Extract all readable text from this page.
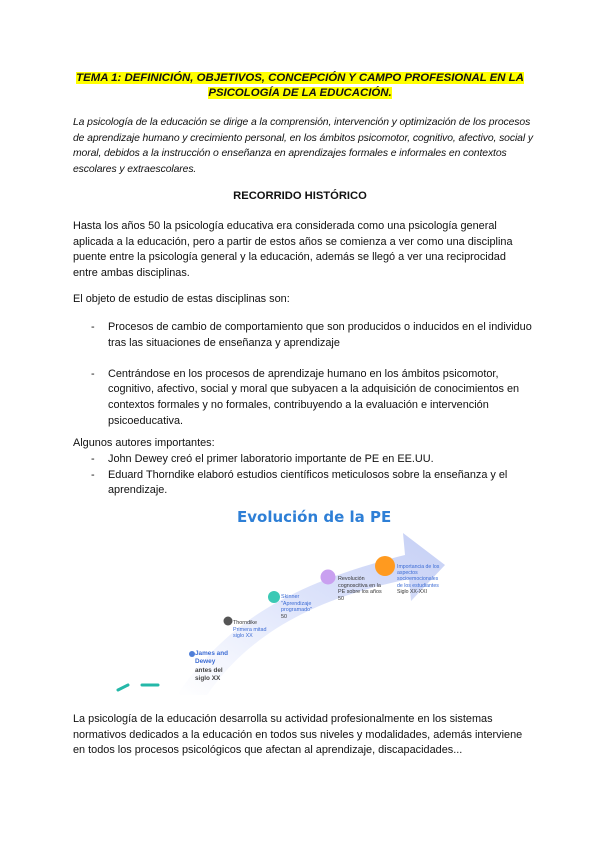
TEMA 1: DEFINICIÓN, OBJETIVOS, CONCEPCIÓN Y CAMPO PROFESIONAL EN LA
PSICOLOGÍA DE LA EDUCACIÓN.
La psicología de la educación se dirige a la comprensión, intervención y optimización de los procesos de aprendizaje humano y crecimiento personal, en los ámbitos psicomotor, cognitivo, afectivo, social y moral, debidos a la instrucción o enseñanza en aprendizajes formales e informales en contextos escolares y extraescolares.
RECORRIDO HISTÓRICO
Hasta los años 50 la psicología educativa era considerada como una psicología general aplicada a la educación, pero a partir de estos años se comienza a ver como una disciplina puente entre la psicología general y la educación, además se llegó a ver una reciprocidad entre ambas disciplinas.
El objeto de estudio de estas disciplinas son:
- Procesos de cambio de comportamiento que son producidos o inducidos en el individuo tras las situaciones de enseñanza y aprendizaje
- Centrándose en los procesos de aprendizaje humano en los ámbitos psicomotor, cognitivo, afectivo, social y moral que subyacen a la adquisición de conocimientos en contextos formales y no formales, contribuyendo a la evaluación e intervención psicoeducativa.
Algunos autores importantes:
- John Dewey creó el primer laboratorio importante de PE en EE.UU.
- Eduard Thorndike elaboró estudios científicos meticulosos sobre la enseñanza y el aprendizaje.
Evolución de la PE
James and Dewey
antes del siglo XX
Thorndike
Primera mitad siglo XX
Skinner "Aprendizaje programado"
50
Revolución cognoscitiva en la PE sobre los años
50
Importancia de los aspectos socioemocionales de los estudiantes
Siglo XX-XXI
La psicología de la educación desarrolla su actividad profesionalmente en los sistemas normativos dedicados a la educación en todos sus niveles y modalidades, además interviene en todos los procesos psicológicos que afectan al aprendizaje, discapacidades...
